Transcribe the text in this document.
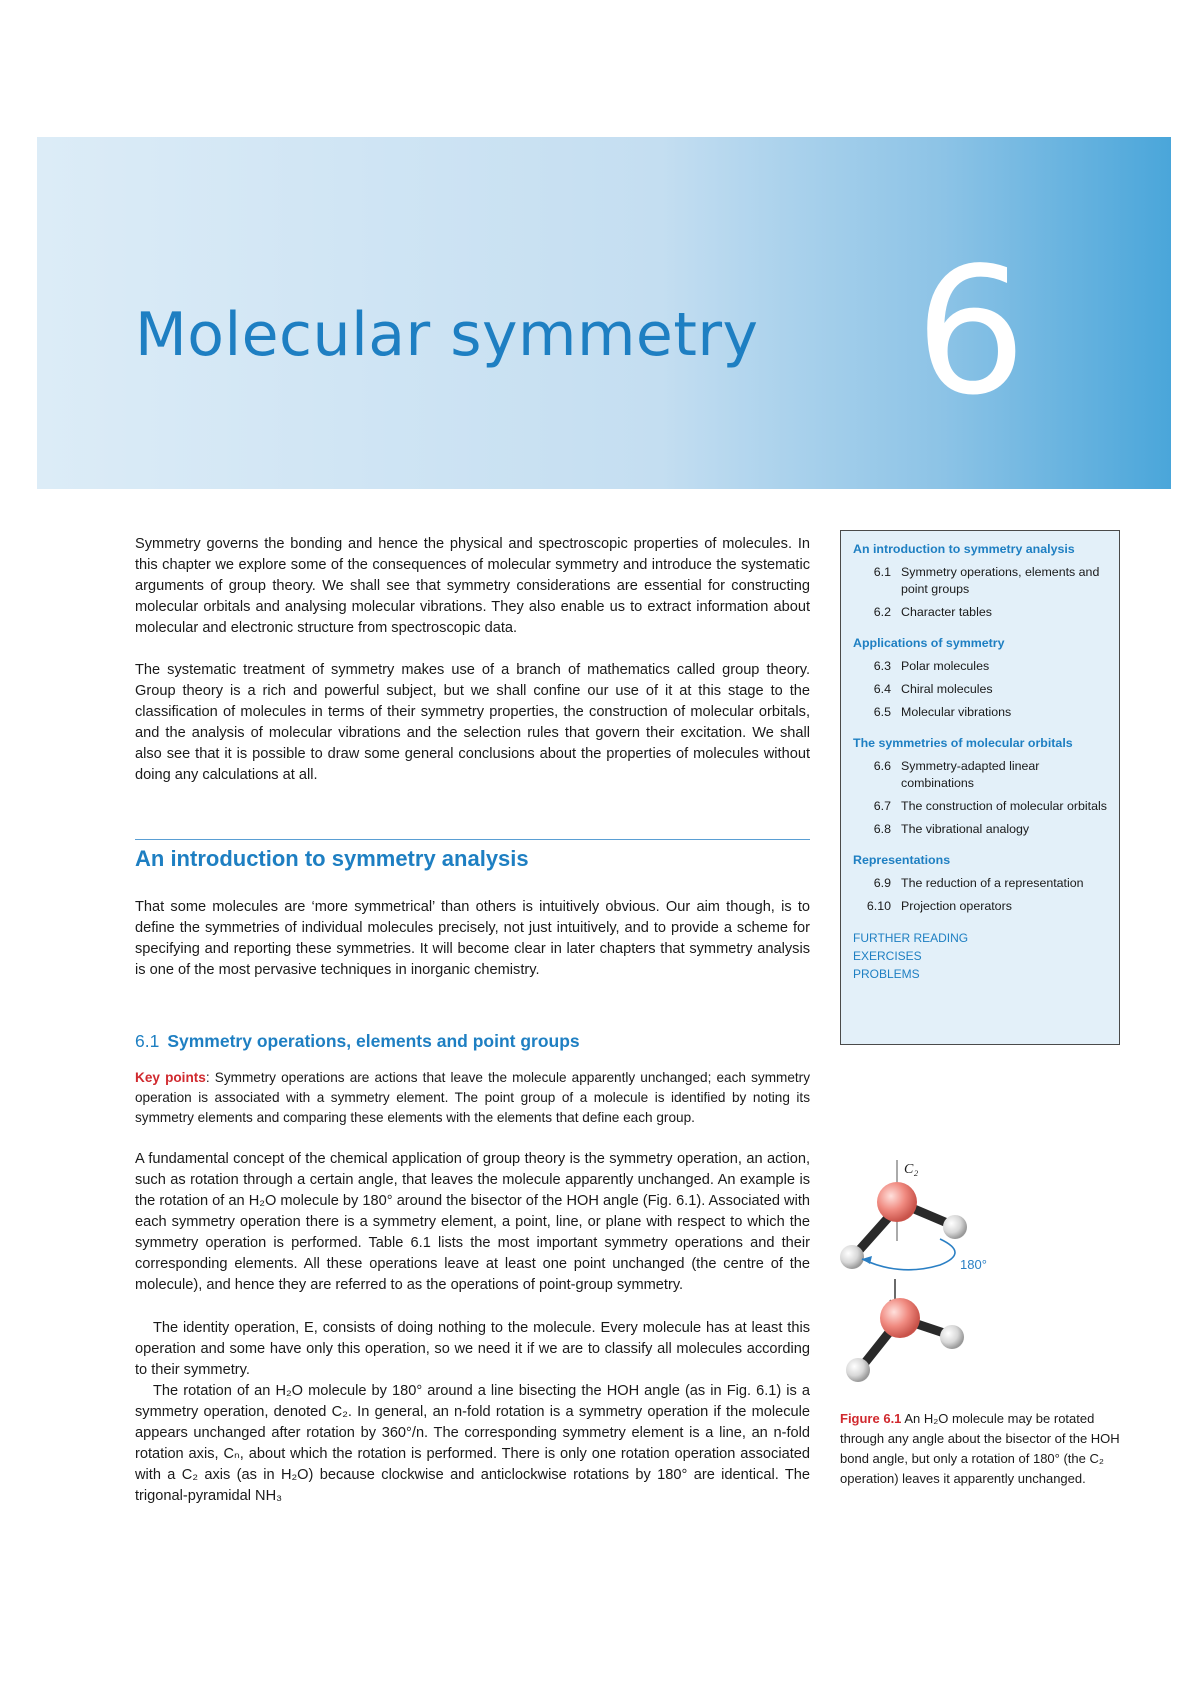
Molecular symmetry 6

Symmetry governs the bonding and hence the physical and spectroscopic properties of molecules. In this chapter we explore some of the consequences of molecular symmetry and introduce the systematic arguments of group theory. We shall see that symmetry considerations are essential for constructing molecular orbitals and analysing molecular vibrations. They also enable us to extract information about molecular and electronic structure from spectroscopic data.

The systematic treatment of symmetry makes use of a branch of mathematics called group theory. Group theory is a rich and powerful subject, but we shall confine our use of it at this stage to the classification of molecules in terms of their symmetry properties, the construction of molecular orbitals, and the analysis of molecular vibrations and the selection rules that govern their excitation. We shall also see that it is possible to draw some general conclusions about the properties of molecules without doing any calculations at all.

An introduction to symmetry analysis

That some molecules are ‘more symmetrical’ than others is intuitively obvious. Our aim though, is to define the symmetries of individual molecules precisely, not just intuitively, and to provide a scheme for specifying and reporting these symmetries. It will become clear in later chapters that symmetry analysis is one of the most pervasive techniques in inorganic chemistry.

6.1 Symmetry operations, elements and point groups

Key points: Symmetry operations are actions that leave the molecule apparently unchanged; each symmetry operation is associated with a symmetry element. The point group of a molecule is identified by noting its symmetry elements and comparing these elements with the elements that define each group.

A fundamental concept of the chemical application of group theory is the symmetry operation, an action, such as rotation through a certain angle, that leaves the molecule apparently unchanged. An example is the rotation of an H₂O molecule by 180° around the bisector of the HOH angle (Fig. 6.1). Associated with each symmetry operation there is a symmetry element, a point, line, or plane with respect to which the symmetry operation is performed. Table 6.1 lists the most important symmetry operations and their corresponding elements. All these operations leave at least one point unchanged (the centre of the molecule), and hence they are referred to as the operations of point-group symmetry.

The identity operation, E, consists of doing nothing to the molecule. Every molecule has at least this operation and some have only this operation, so we need it if we are to classify all molecules according to their symmetry.

The rotation of an H₂O molecule by 180° around a line bisecting the HOH angle (as in Fig. 6.1) is a symmetry operation, denoted C₂. In general, an n-fold rotation is a symmetry operation if the molecule appears unchanged after rotation by 360°/n. The corresponding symmetry element is a line, an n-fold rotation axis, Cₙ, about which the rotation is performed. There is only one rotation operation associated with a C₂ axis (as in H₂O) because clockwise and anticlockwise rotations by 180° are identical. The trigonal-pyramidal NH₃

An introduction to symmetry analysis
6.1 Symmetry operations, elements and point groups
6.2 Character tables
Applications of symmetry
6.3 Polar molecules
6.4 Chiral molecules
6.5 Molecular vibrations
The symmetries of molecular orbitals
6.6 Symmetry-adapted linear combinations
6.7 The construction of molecular orbitals
6.8 The vibrational analogy
Representations
6.9 The reduction of a representation
6.10 Projection operators
FURTHER READING
EXERCISES
PROBLEMS
C₂
180°

Figure 6.1 An H₂O molecule may be rotated through any angle about the bisector of the HOH bond angle, but only a rotation of 180° (the C₂ operation) leaves it apparently unchanged.
